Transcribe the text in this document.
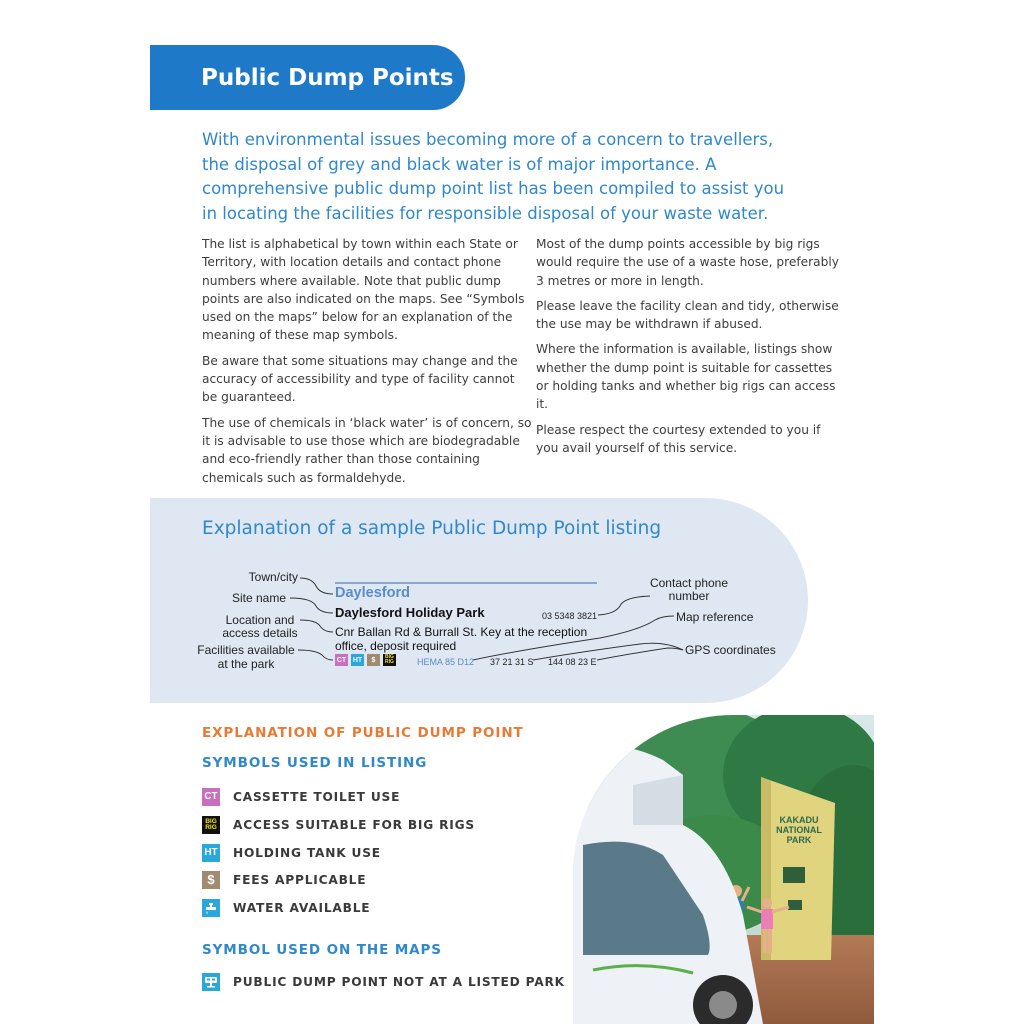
Public Dump Points

With environmental issues becoming more of a concern to travellers, the disposal of grey and black water is of major importance. A comprehensive public dump point list has been compiled to assist you in locating the facilities for responsible disposal of your waste water.

The list is alphabetical by town within each State or Territory, with location details and contact phone numbers where available. Note that public dump points are also indicated on the maps. See “Symbols used on the maps” below for an explanation of the meaning of these map symbols.

Be aware that some situations may change and the accuracy of accessibility and type of facility cannot be guaranteed.

The use of chemicals in ‘black water’ is of concern, so it is advisable to use those which are biodegradable and eco-friendly rather than those containing chemicals such as formaldehyde.

Most of the dump points accessible by big rigs would require the use of a waste hose, preferably 3 metres or more in length.

Please leave the facility clean and tidy, otherwise the use may be withdrawn if abused.

Where the information is available, listings show whether the dump point is suitable for cassettes or holding tanks and whether big rigs can access it.

Please respect the courtesy extended to you if you avail yourself of this service.

Explanation of a sample Public Dump Point listing
Town/city
Site name
Location and access details
Facilities available at the park
Contact phone number
Map reference
GPS coordinates
Daylesford
Daylesford Holiday Park
Cnr Ballan Rd & Burrall St. Key at the reception office, deposit required
03 5348 3821
CT HT	$	BIG RIG	HEMA 85 D12 37 21 31 S 144 08 23 E
EXPLANATION OF PUBLIC DUMP POINT
SYMBOLS USED IN LISTING
CT CASSETTE TOILET USE
BIG RIG ACCESS SUITABLE FOR BIG RIGS
HT HOLDING TANK USE
$	FEES APPLICABLE
WATER AVAILABLE
SYMBOL USED ON THE MAPS
PUBLIC DUMP POINT NOT AT A LISTED PARK
KAKADU NATIONAL PARK
